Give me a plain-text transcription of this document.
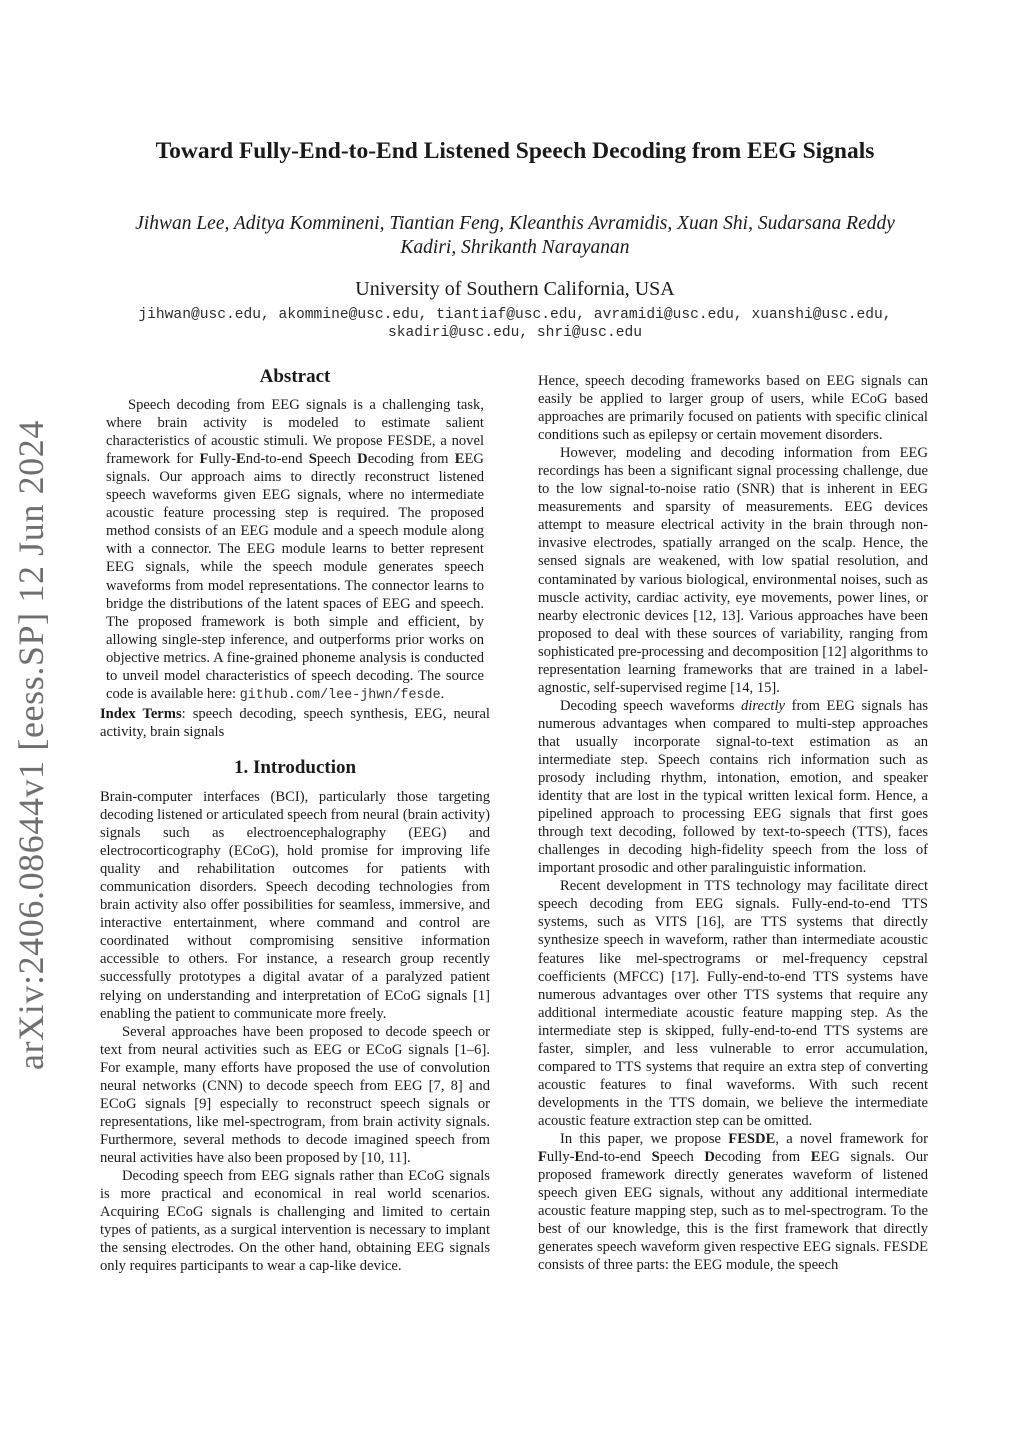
arXiv:2406.08644v1 [eess.SP] 12 Jun 2024
Toward Fully-End-to-End Listened Speech Decoding from EEG Signals
Jihwan Lee, Aditya Kommineni, Tiantian Feng, Kleanthis Avramidis, Xuan Shi, Sudarsana Reddy
Kadiri, Shrikanth Narayanan
University of Southern California, USA
jihwan@usc.edu, akommine@usc.edu, tiantiaf@usc.edu, avramidi@usc.edu, xuanshi@usc.edu,
skadiri@usc.edu, shri@usc.edu
Abstract

Speech decoding from EEG signals is a challenging task, where brain activity is modeled to estimate salient characteristics of acoustic stimuli. We propose FESDE, a novel framework for Fully-End-to-end Speech Decoding from EEG signals. Our approach aims to directly reconstruct listened speech waveforms given EEG signals, where no intermediate acoustic feature processing step is required. The proposed method consists of an EEG module and a speech module along with a connector. The EEG module learns to better represent EEG signals, while the speech module generates speech waveforms from model representations. The connector learns to bridge the distributions of the latent spaces of EEG and speech. The proposed framework is both simple and efficient, by allowing single-step inference, and outperforms prior works on objective metrics. A fine-grained phoneme analysis is conducted to unveil model characteristics of speech decoding. The source code is available here: github.com/lee-jhwn/fesde.

Index Terms: speech decoding, speech synthesis, EEG, neural activity, brain signals

1. Introduction

Brain-computer interfaces (BCI), particularly those targeting decoding listened or articulated speech from neural (brain activity) signals such as electroencephalography (EEG) and electrocorticography (ECoG), hold promise for improving life quality and rehabilitation outcomes for patients with communication disorders. Speech decoding technologies from brain activity also offer possibilities for seamless, immersive, and interactive entertainment, where command and control are coordinated without compromising sensitive information accessible to others. For instance, a research group recently successfully prototypes a digital avatar of a paralyzed patient relying on understanding and interpretation of ECoG signals [1] enabling the patient to communicate more freely.

Several approaches have been proposed to decode speech or text from neural activities such as EEG or ECoG signals [1–6]. For example, many efforts have proposed the use of convolution neural networks (CNN) to decode speech from EEG [7, 8] and ECoG signals [9] especially to reconstruct speech signals or representations, like mel-spectrogram, from brain activity signals. Furthermore, several methods to decode imagined speech from neural activities have also been proposed by [10, 11].

Decoding speech from EEG signals rather than ECoG signals is more practical and economical in real world scenarios. Acquiring ECoG signals is challenging and limited to certain types of patients, as a surgical intervention is necessary to implant the sensing electrodes. On the other hand, obtaining EEG signals only requires participants to wear a cap-like device.

Hence, speech decoding frameworks based on EEG signals can easily be applied to larger group of users, while ECoG based approaches are primarily focused on patients with specific clinical conditions such as epilepsy or certain movement disorders.

However, modeling and decoding information from EEG recordings has been a significant signal processing challenge, due to the low signal-to-noise ratio (SNR) that is inherent in EEG measurements and sparsity of measurements. EEG devices attempt to measure electrical activity in the brain through non-invasive electrodes, spatially arranged on the scalp. Hence, the sensed signals are weakened, with low spatial resolution, and contaminated by various biological, environmental noises, such as muscle activity, cardiac activity, eye movements, power lines, or nearby electronic devices [12, 13]. Various approaches have been proposed to deal with these sources of variability, ranging from sophisticated pre-processing and decomposition [12] algorithms to representation learning frameworks that are trained in a label-agnostic, self-supervised regime [14, 15].

Decoding speech waveforms directly from EEG signals has numerous advantages when compared to multi-step approaches that usually incorporate signal-to-text estimation as an intermediate step. Speech contains rich information such as prosody including rhythm, intonation, emotion, and speaker identity that are lost in the typical written lexical form. Hence, a pipelined approach to processing EEG signals that first goes through text decoding, followed by text-to-speech (TTS), faces challenges in decoding high-fidelity speech from the loss of important prosodic and other paralinguistic information.

Recent development in TTS technology may facilitate direct speech decoding from EEG signals. Fully-end-to-end TTS systems, such as VITS [16], are TTS systems that directly synthesize speech in waveform, rather than intermediate acoustic features like mel-spectrograms or mel-frequency cepstral coefficients (MFCC) [17]. Fully-end-to-end TTS systems have numerous advantages over other TTS systems that require any additional intermediate acoustic feature mapping step. As the intermediate step is skipped, fully-end-to-end TTS systems are faster, simpler, and less vulnerable to error accumulation, compared to TTS systems that require an extra step of converting acoustic features to final waveforms. With such recent developments in the TTS domain, we believe the intermediate acoustic feature extraction step can be omitted.

In this paper, we propose FESDE, a novel framework for Fully-End-to-end Speech Decoding from EEG signals. Our proposed framework directly generates waveform of listened speech given EEG signals, without any additional intermediate acoustic feature mapping step, such as to mel-spectrogram. To the best of our knowledge, this is the first framework that directly generates speech waveform given respective EEG signals. FESDE consists of three parts: the EEG module, the speech
